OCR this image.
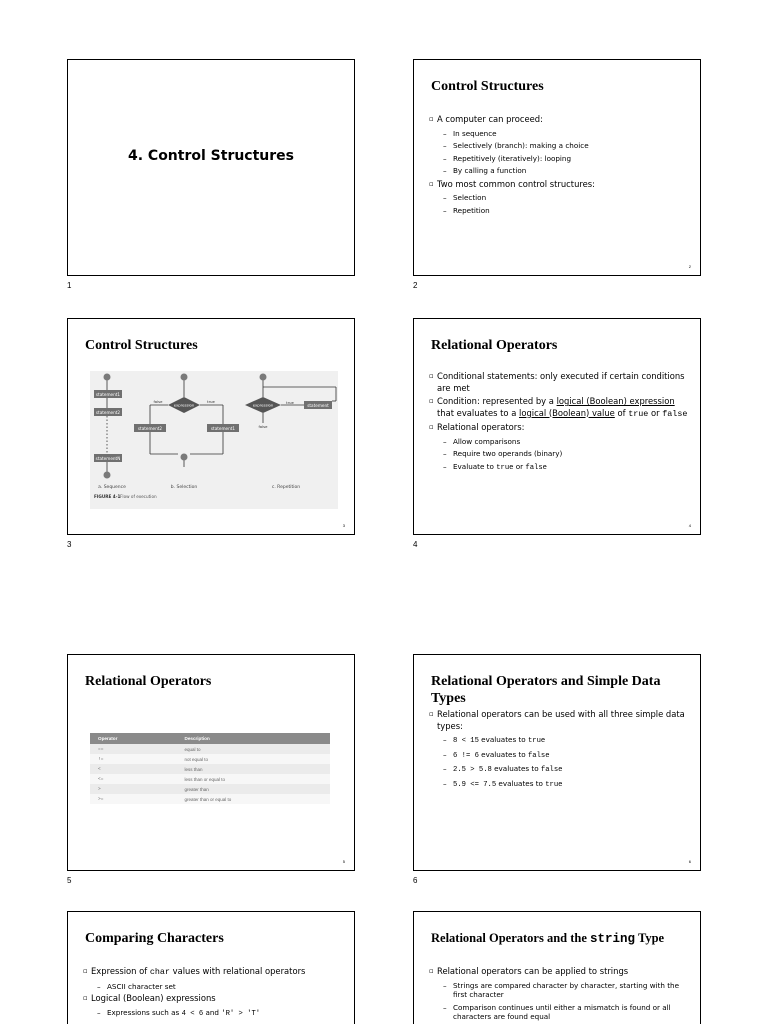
4. Control Structures
1
Control Structures
▫ A computer can proceed:
– In sequence
– Selectively (branch): making a choice
– Repetitively (iteratively): looping
– By calling a function
▫ Two most common control structures:
– Selection
– Repetition
2
2
Control Structures
statement1
statement2
statementN
expression
false	true
statement2	statement1
expression	true
statement
false
a. Sequence	b. Selection	c. Repetition
FIGURE 4-1 Flow of execution
3
3
Relational Operators
▫ Conditional statements: only executed if certain conditions are met
▫ Condition: represented by a logical (Boolean) expression that evaluates to a logical (Boolean) value of true or false
▫ Relational operators:
– Allow comparisons
– Require two operands (binary)
– Evaluate to true or false
4
4
Relational Operators
Operator	Description
==	equal to
!=	not equal to
<	less than
<=	less than or equal to
>	greater than
>=	greater than or equal to
5
5
Relational Operators and Simple Data Types
▫ Relational operators can be used with all three simple data types:
– 8 < 15 evaluates to true
– 6 != 6 evaluates to false
– 2.5 > 5.8 evaluates to false
– 5.9 <= 7.5 evaluates to true
6
6
Comparing Characters
▫ Expression of char values with relational operators
– ASCII character set
▫ Logical (Boolean) expressions
– Expressions such as 4 < 6 and 'R' > 'T'
Relational Operators and the string Type
▫ Relational operators can be applied to strings
– Strings are compared character by character, starting with the first character
– Comparison continues until either a mismatch is found or all characters are found equal
